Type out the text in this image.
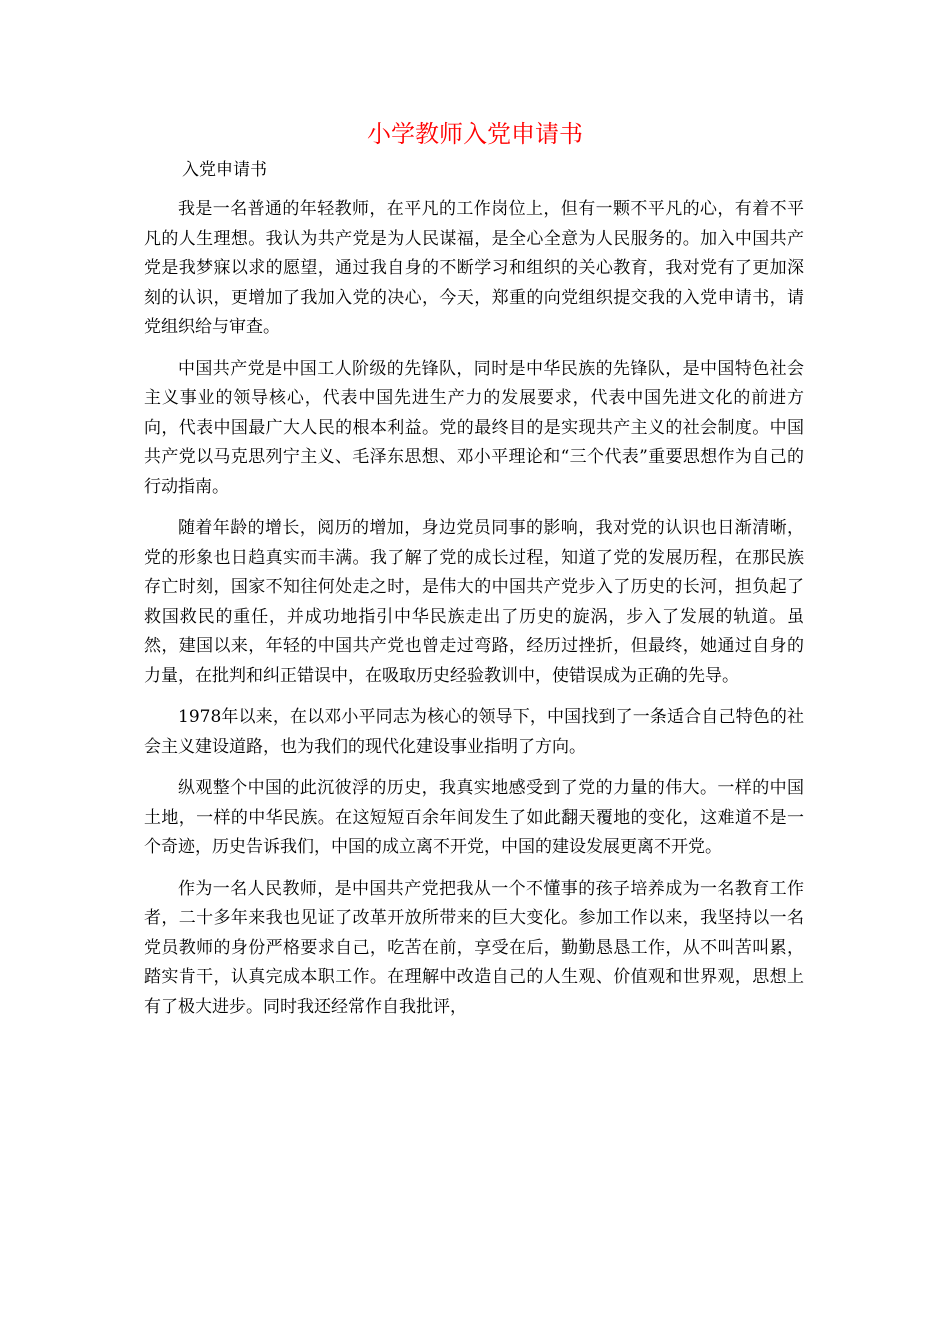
小学教师入党申请书
入党申请书

我是一名普通的年轻教师，在平凡的工作岗位上，但有一颗不平凡的心，有着不平凡的人生理想。我认为共产党是为人民谋福，是全心全意为人民服务的。加入中国共产党是我梦寐以求的愿望，通过我自身的不断学习和组织的关心教育，我对党有了更加深刻的认识，更增加了我加入党的决心，今天，郑重的向党组织提交我的入党申请书，请党组织给与审查。

中国共产党是中国工人阶级的先锋队，同时是中华民族的先锋队，是中国特色社会主义事业的领导核心，代表中国先进生产力的发展要求，代表中国先进文化的前进方向，代表中国最广大人民的根本利益。党的最终目的是实现共产主义的社会制度。中国共产党以马克思列宁主义、毛泽东思想、邓小平理论和“三个代表”重要思想作为自己的行动指南。

随着年龄的增长，阅历的增加，身边党员同事的影响，我对党的认识也日渐清晰，党的形象也日趋真实而丰满。我了解了党的成长过程，知道了党的发展历程，在那民族存亡时刻，国家不知往何处走之时，是伟大的中国共产党步入了历史的长河，担负起了救国救民的重任，并成功地指引中华民族走出了历史的旋涡，步入了发展的轨道。虽然，建国以来，年轻的中国共产党也曾走过弯路，经历过挫折，但最终，她通过自身的力量，在批判和纠正错误中，在吸取历史经验教训中，使错误成为正确的先导。

1978年以来，在以邓小平同志为核心的领导下，中国找到了一条适合自己特色的社会主义建设道路，也为我们的现代化建设事业指明了方向。

纵观整个中国的此沉彼浮的历史，我真实地感受到了党的力量的伟大。一样的中国土地，一样的中华民族。在这短短百余年间发生了如此翻天覆地的变化，这难道不是一个奇迹，历史告诉我们，中国的成立离不开党，中国的建设发展更离不开党。

作为一名人民教师，是中国共产党把我从一个不懂事的孩子培养成为一名教育工作者，二十多年来我也见证了改革开放所带来的巨大变化。参加工作以来，我坚持以一名党员教师的身份严格要求自己，吃苦在前，享受在后，勤勤恳恳工作，从不叫苦叫累，踏实肯干，认真完成本职工作。在理解中改造自己的人生观、价值观和世界观，思想上有了极大进步。同时我还经常作自我批评，
